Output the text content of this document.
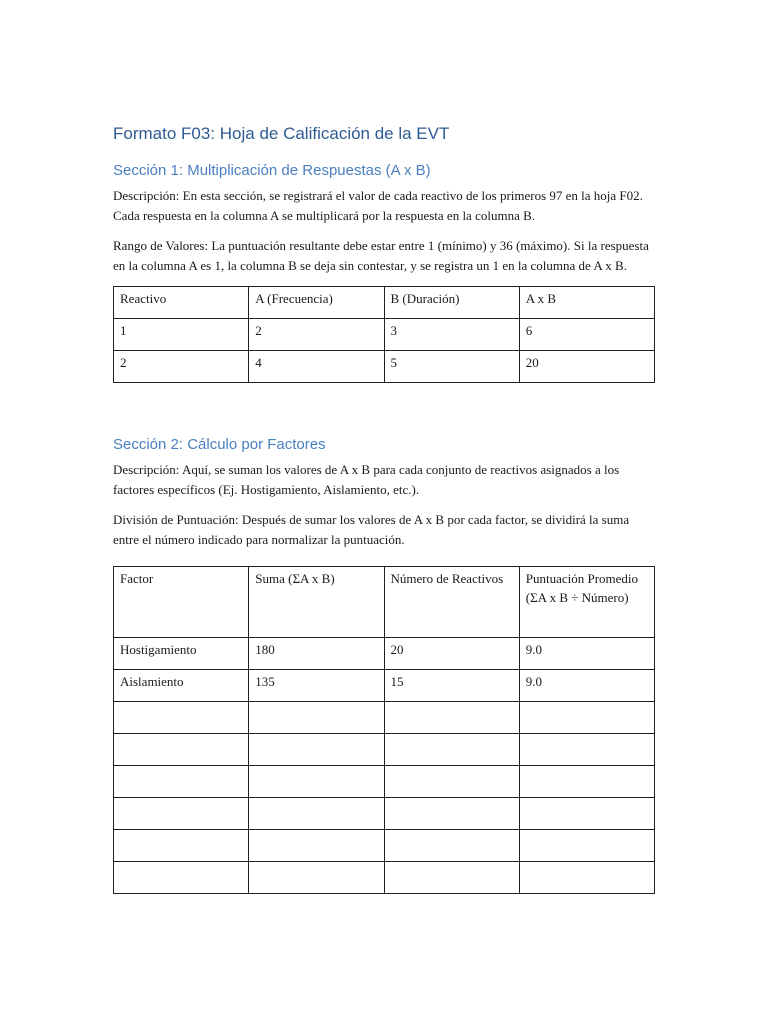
Formato F03: Hoja de Calificación de la EVT
Sección 1: Multiplicación de Respuestas (A x B)

Descripción: En esta sección, se registrará el valor de cada reactivo de los primeros 97 en la hoja F02. Cada respuesta en la columna A se multiplicará por la respuesta en la columna B.

Rango de Valores: La puntuación resultante debe estar entre 1 (mínimo) y 36 (máximo). Si la respuesta en la columna A es 1, la columna B se deja sin contestar, y se registra un 1 en la columna de A x B.

Reactivo	A (Frecuencia)	B (Duración)	A x B
1	2	3	6
2	4	5	20
Sección 2: Cálculo por Factores

Descripción: Aquí, se suman los valores de A x B para cada conjunto de reactivos asignados a los factores específicos (Ej. Hostigamiento, Aislamiento, etc.).

División de Puntuación: Después de sumar los valores de A x B por cada factor, se dividirá la suma entre el número indicado para normalizar la puntuación.

Factor	Suma (ΣA x B)	Número de Reactivos	Puntuación Promedio (ΣA x B ÷ Número)
Hostigamiento	180	20	9.0
Aislamiento	135	15	9.0
